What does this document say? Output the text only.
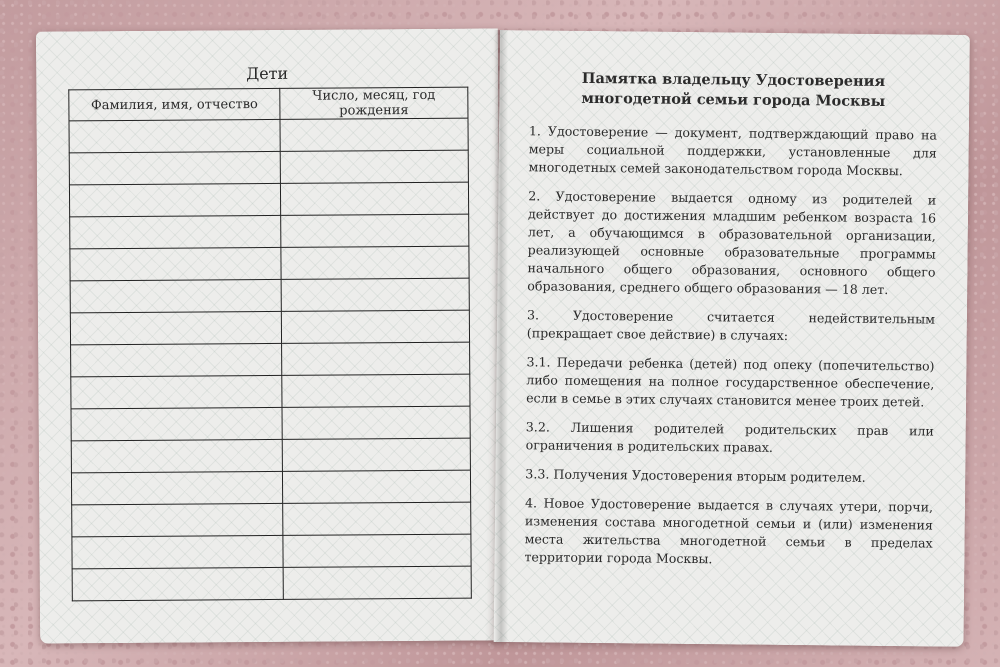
Дети
Фамилия, имя, отчество	Число, месяц, год рождения

Памятка владельцу Удостоверения
многодетной семьи города Москвы

1. Удостоверение — документ, подтверждающий право на меры социальной поддержки, установленные для многодетных семей законодательством города Москвы.

2. Удостоверение выдается одному из родителей и действует до достижения младшим ребенком возраста 16 лет, а обучающимся в образовательной организации, реализующей основные образовательные программы начального общего образования, основного общего образования, среднего общего образования — 18 лет.

3. Удостоверение считается недействительным (прекращает свое действие) в случаях:

3.1. Передачи ребенка (детей) под опеку (попечительство) либо помещения на полное государственное обеспечение, если в семье в этих случаях становится менее троих детей.

3.2. Лишения родителей родительских прав или ограничения в родительских правах.

3.3. Получения Удостоверения вторым родителем.

4. Новое Удостоверение выдается в случаях утери, порчи, изменения состава многодетной семьи и (или) изменения места жительства многодетной семьи в пределах территории города Москвы.
